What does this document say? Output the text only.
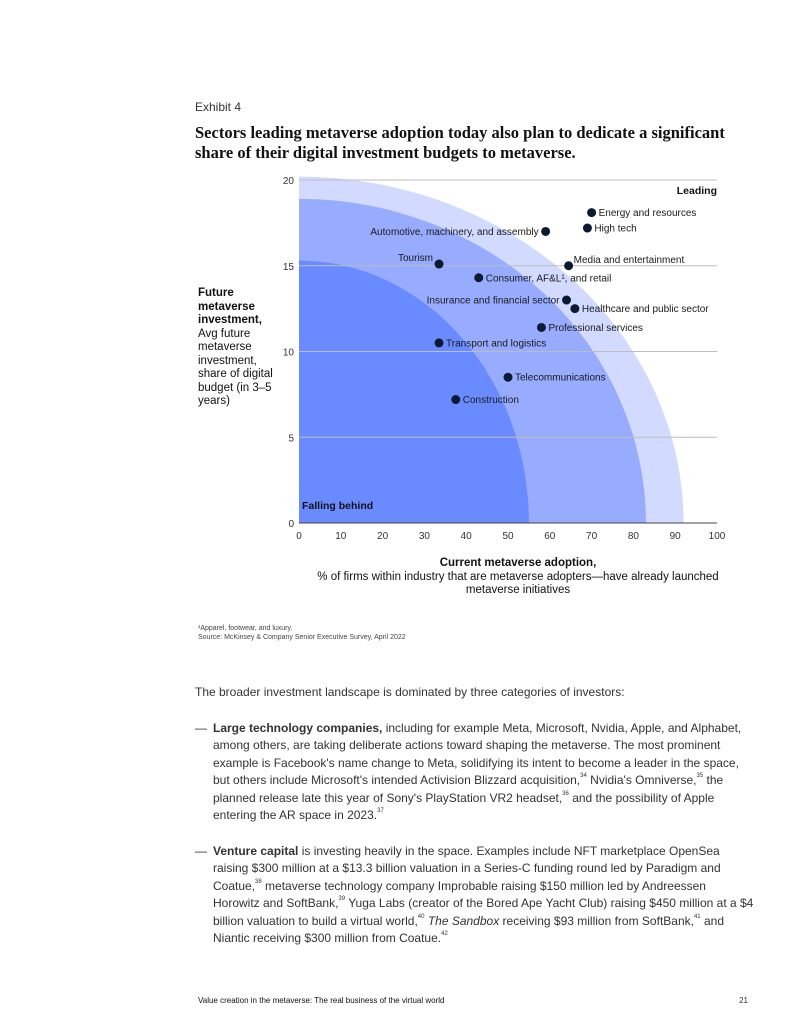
Exhibit 4
Sectors leading metaverse adoption today also plan to dedicate a significant share of their digital investment budgets to metaverse.
0
5
10
15
20
0	10	20	30	40	50	60	70	80	90	100
Energy and resources
High tech
Automotive, machinery, and assembly
Media and entertainment
Tourism
Consumer, AF&L¹, and retail
Insurance and financial sector
Healthcare and public sector
Professional services
Transport and logistics
Telecommunications
Construction
Leading
Falling behind
Future metaverse investment,
Avg future metaverse investment, share of digital budget (in 3–5 years)
Current metaverse adoption,
% of firms within industry that are metaverse adopters—have already launched metaverse initiatives
¹Apparel, footwear, and luxury.
Source: McKinsey & Company Senior Executive Survey, April 2022
The broader investment landscape is dominated by three categories of investors:
— Large technology companies, including for example Meta, Microsoft, Nvidia, Apple, and Alphabet, among others, are taking deliberate actions toward shaping the metaverse. The most prominent example is Facebook's name change to Meta, solidifying its intent to become a leader in the space, but others include Microsoft's intended Activision Blizzard acquisition,$^{34}$ Nvidia's Omniverse,$^{35}$ the planned release late this year of Sony's PlayStation VR2 headset,$^{36}$ and the possibility of Apple entering the AR space in 2023.37
— Venture capital is investing heavily in the space. Examples include NFT marketplace OpenSea raising $300 million at a $13.3 billion valuation in a Series-C funding round led by Paradigm and Coatue,$^{38}$ metaverse technology company Improbable raising $150 million led by Andreessen Horowitz and SoftBank,$^{39}$ Yuga Labs (creator of the Bored Ape Yacht Club) raising $450 million at a $4 billion valuation to build a virtual world,$^{40}$ The Sandbox receiving $93 million from SoftBank,$^{41}$ and Niantic receiving $300 million from Coatue.$^{42}$
Value creation in the metaverse: The real business of the virtual world	21
